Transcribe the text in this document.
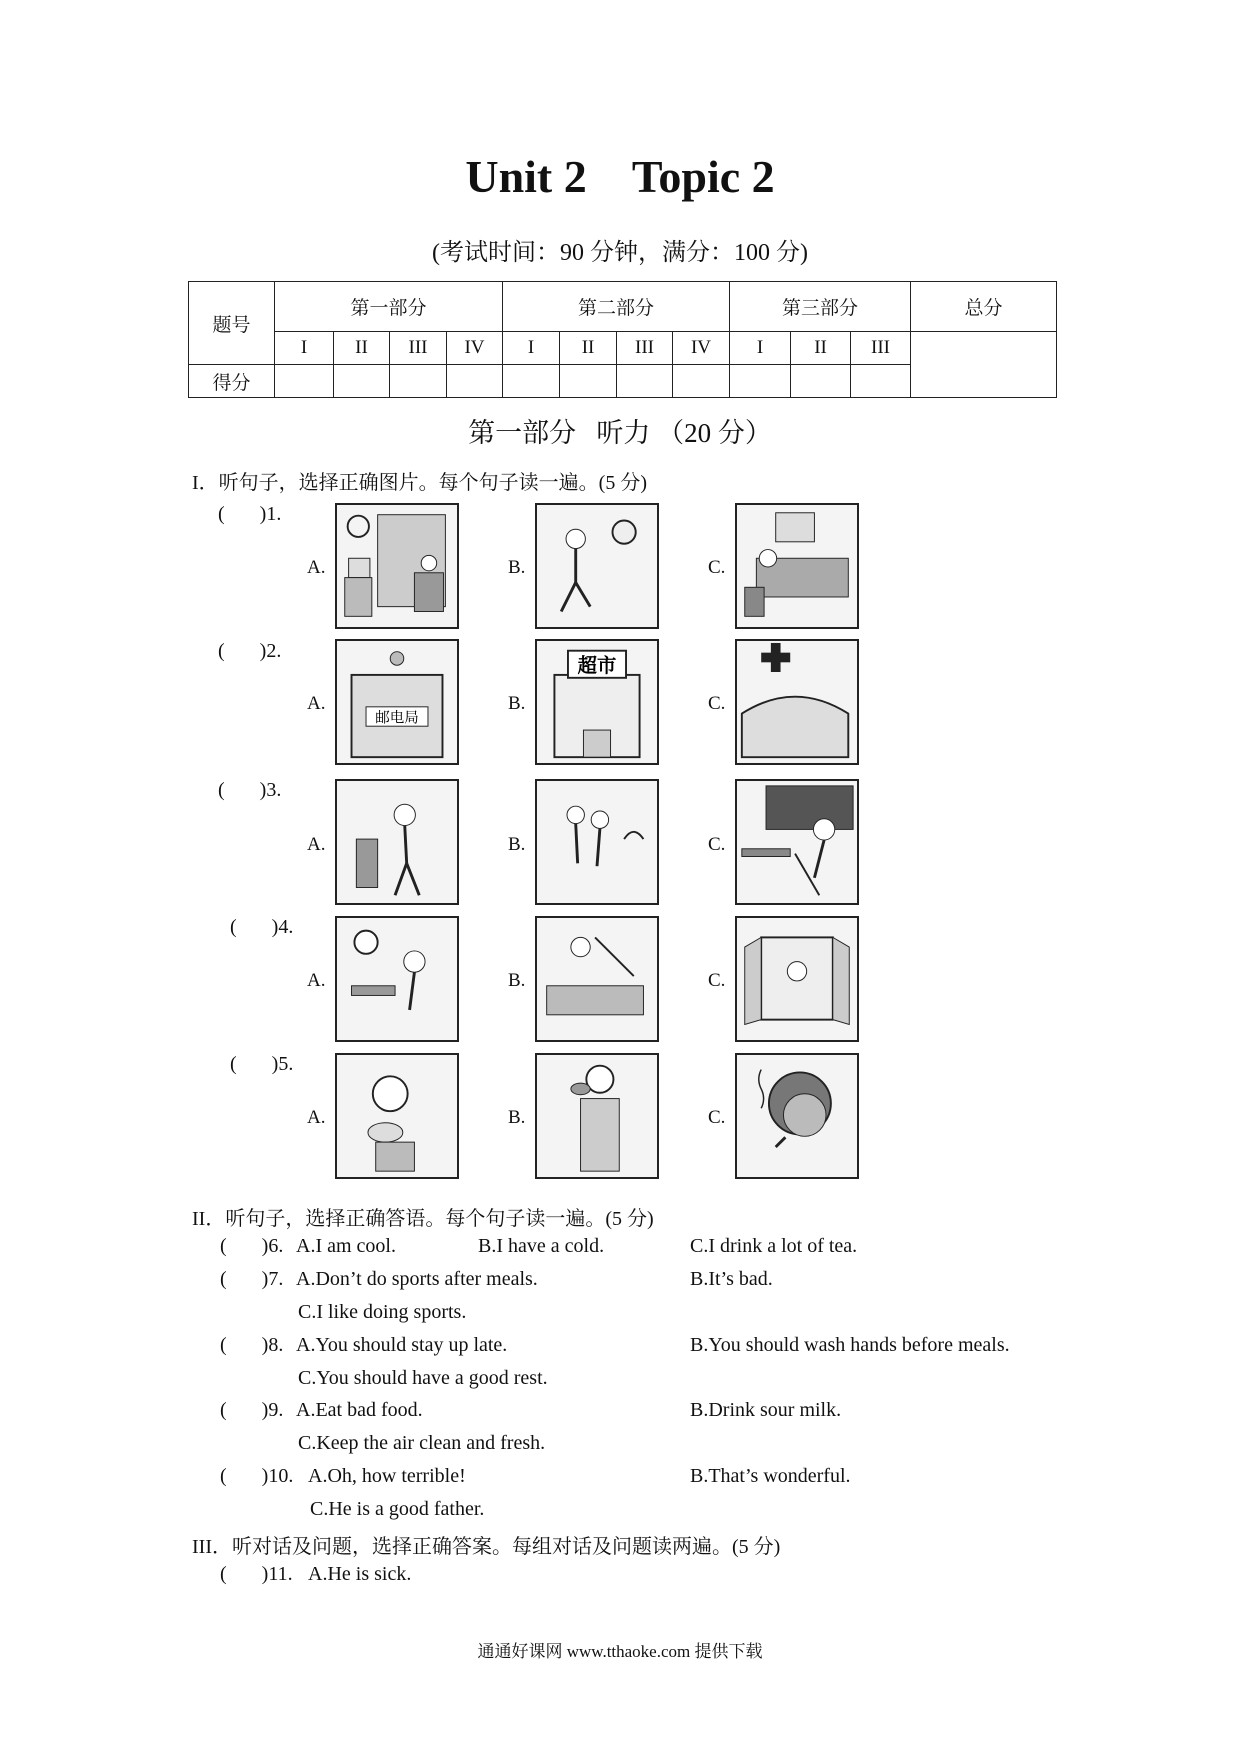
Unit 2    Topic 2
(考试时间：90 分钟，满分：100 分)
题号	第一部分				第二部分				第三部分			总分
	I	II	III	IV	I	II	III	IV	I	II	III	
得分												
第一部分   听力 （20 分）
I．听句子，选择正确图片。每个句子读一遍。(5 分)
(       )1.
A.	B.	C.
(       )2.
A.
邮电局
B.
超市
C.
(       )3.
A.	B.	C.
(       )4.
A.	B.	C.
(       )5.
A.	B.	C.
II．听句子，选择正确答语。每个句子读一遍。(5 分)
(       )6. A.I am cool.	B.I have a cold.	C.I drink a lot of tea.
(       )7. A.Don’t do sports after meals.	B.It’s bad.
C.I like doing sports.
(       )8. A.You should stay up late.	B.You should wash hands before meals.
C.You should have a good rest.
(       )9. A.Eat bad food.	B.Drink sour milk.
C.Keep the air clean and fresh.
(       )10. A.Oh, how terrible!	B.That’s wonderful.
C.He is a good father.
III．听对话及问题，选择正确答案。每组对话及问题读两遍。(5 分)
(       )11. A.He is sick.
通通好课网 www.tthaoke.com 提供下载
